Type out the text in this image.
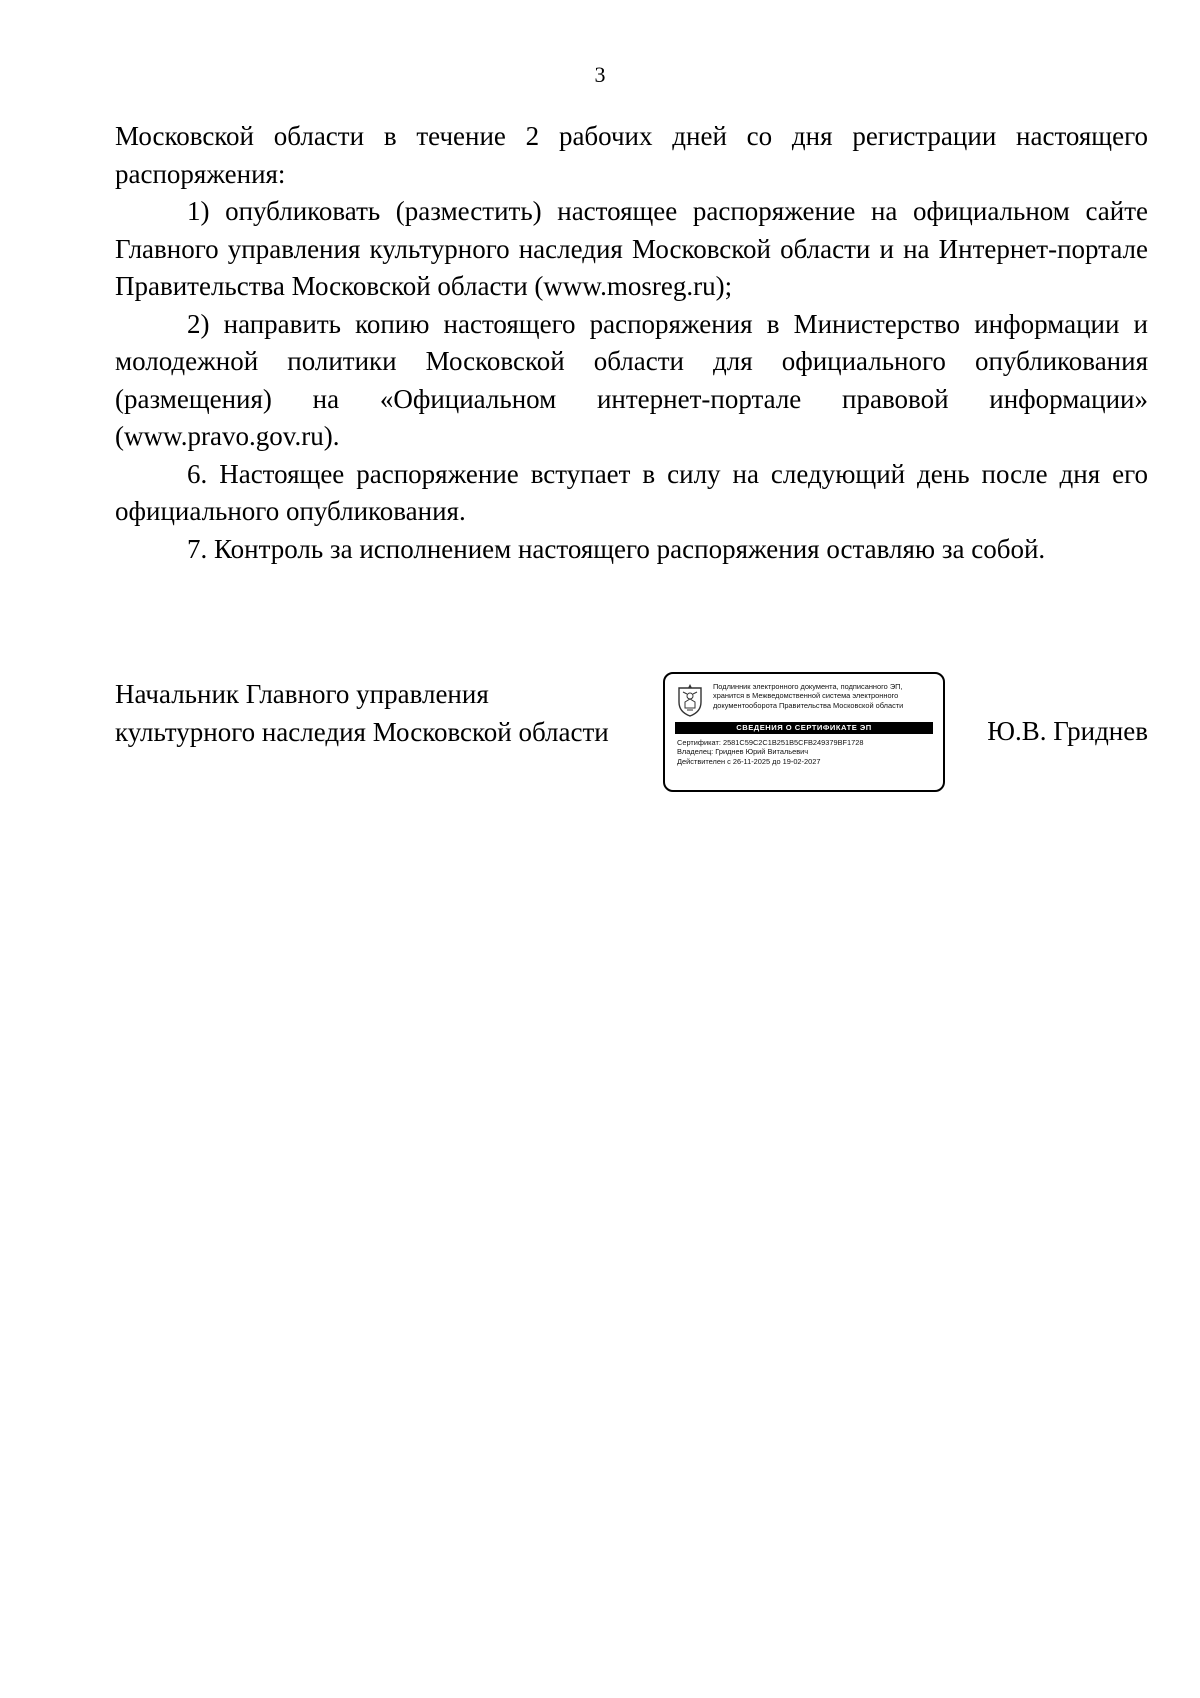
3

Московской области в течение 2 рабочих дней со дня регистрации настоящего распоряжения:

1) опубликовать (разместить) настоящее распоряжение на официальном сайте Главного управления культурного наследия Московской области и на Интернет-портале Правительства Московской области (www.mosreg.ru);

2) направить копию настоящего распоряжения в Министерство информации и молодежной политики Московской области для официального опубликования (размещения) на «Официальном интернет-портале правовой информации» (www.pravo.gov.ru).

6. Настоящее распоряжение вступает в силу на следующий день после дня его официального опубликования.

7. Контроль за исполнением настоящего распоряжения оставляю за собой.

Начальник Главного управления
культурного наследия Московской области
Подлинник электронного документа, подписанного ЭП,
хранится в Межведомственной система электронного
документооборота Правительства Московской области
СВЕДЕНИЯ О СЕРТИФИКАТЕ ЭП
Сертификат: 2581C59C2C1B251B5CFB249379BF1728
Владелец: Гриднев Юрий Витальевич
Действителен с 26-11-2025 до 19-02-2027
Ю.В. Гриднев
